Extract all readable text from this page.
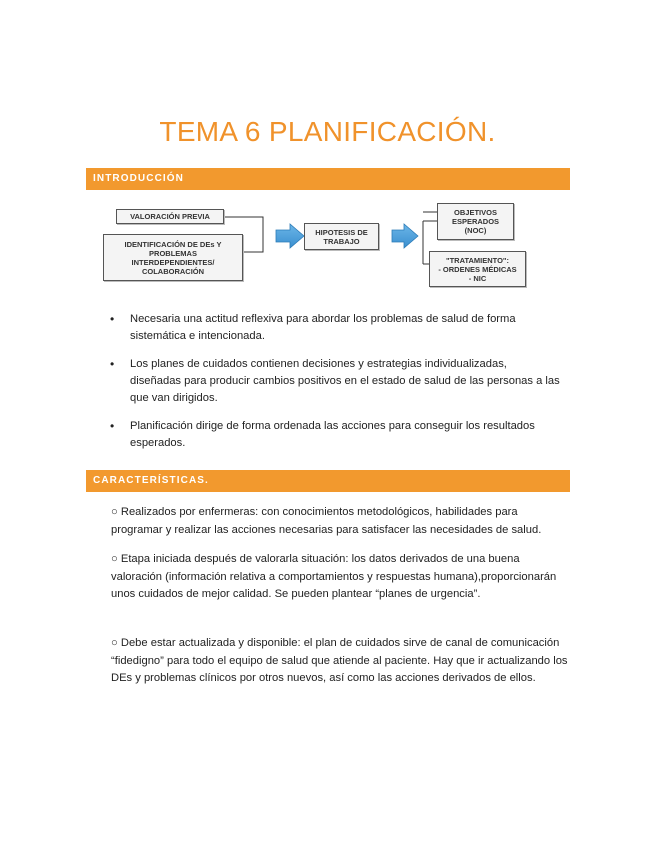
TEMA 6 PLANIFICACIÓN.
INTRODUCCIÓN
VALORACIÓN PREVIA
IDENTIFICACIÓN DE DEs Y
PROBLEMAS
INTERDEPENDIENTES/
COLABORACIÓN
HIPOTESIS DE
TRABAJO
OBJETIVOS
ESPERADOS
(NOC)
"TRATAMIENTO":
- ORDENES MÉDICAS
- NIC
• Necesaria una actitud reflexiva para abordar los problemas de salud de forma sistemática e intencionada.
• Los planes de cuidados contienen decisiones y estrategias individualizadas, diseñadas para producir cambios positivos en el estado de salud de las personas a las que van dirigidos.
• Planificación dirige de forma ordenada las acciones para conseguir los resultados esperados.
CARACTERÍSTICAS.
○ Realizados por enfermeras: con conocimientos metodológicos, habilidades para programar y realizar las acciones necesarias para satisfacer las necesidades de salud.
○ Etapa iniciada después de valorarla situación: los datos derivados de una buena valoración (información relativa a comportamientos y respuestas humana),proporcionarán unos cuidados de mejor calidad. Se pueden plantear “planes de urgencia”.
○ Debe estar actualizada y disponible: el plan de cuidados sirve de canal de comunicación “fidedigno” para todo el equipo de salud que atiende al paciente. Hay que ir actualizando los DEs y problemas clínicos por otros nuevos, así como las acciones derivados de ellos.
